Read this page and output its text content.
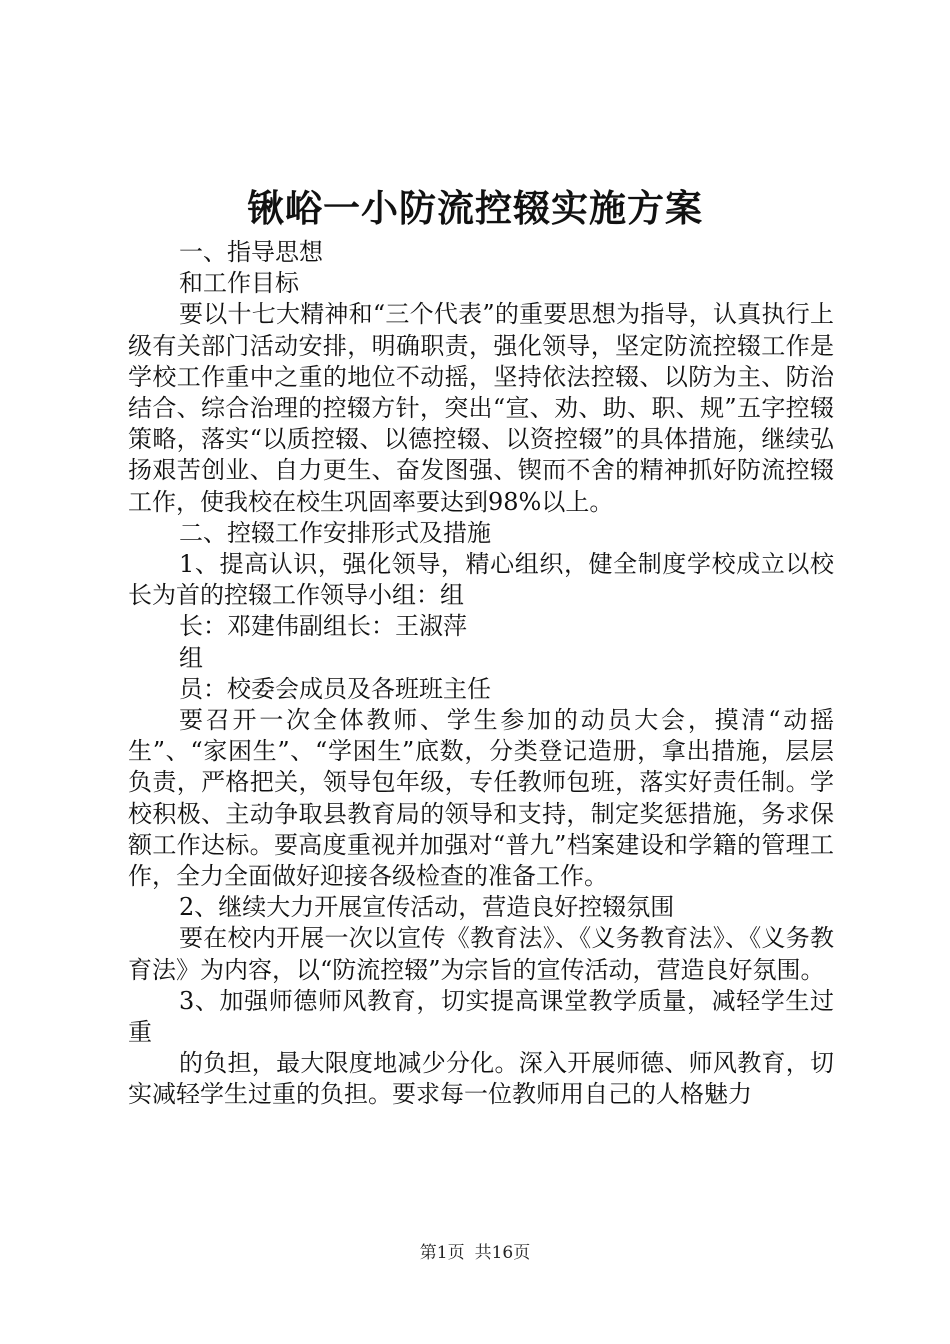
锹峪一小防流控辍实施方案

一、指导思想

和工作目标

要以十七大精神和“三个代表”的重要思想为指导，认真执行上级有关部门活动安排，明确职责，强化领导，坚定防流控辍工作是学校工作重中之重的地位不动摇，坚持依法控辍、以防为主、防治结合、综合治理的控辍方针，突出“宣、劝、助、职、规”五字控辍策略，落实“以质控辍、以德控辍、以资控辍”的具体措施，继续弘扬艰苦创业、自力更生、奋发图强、锲而不舍的精神抓好防流控辍工作，使我校在校生巩固率要达到98%以上。

二、控辍工作安排形式及措施

1、提高认识，强化领导，精心组织，健全制度学校成立以校长为首的控辍工作领导小组：组

长：邓建伟副组长：王淑萍

组

员：校委会成员及各班班主任

要召开一次全体教师、学生参加的动员大会，摸清“动摇生”、“家困生”、“学困生”底数，分类登记造册，拿出措施，层层负责，严格把关，领导包年级，专任教师包班，落实好责任制。学校积极、主动争取县教育局的领导和支持，制定奖惩措施，务求保额工作达标。要高度重视并加强对“普九”档案建设和学籍的管理工作，全力全面做好迎接各级检查的准备工作。

2、继续大力开展宣传活动，营造良好控辍氛围

要在校内开展一次以宣传《教育法》、《义务教育法》、《义务教育法》为内容，以“防流控辍”为宗旨的宣传活动，营造良好氛围。

3、加强师德师风教育，切实提高课堂教学质量，减轻学生过重

的负担，最大限度地减少分化。深入开展师德、师风教育，切实减轻学生过重的负担。要求每一位教师用自己的人格魅力

第1页 共16页
